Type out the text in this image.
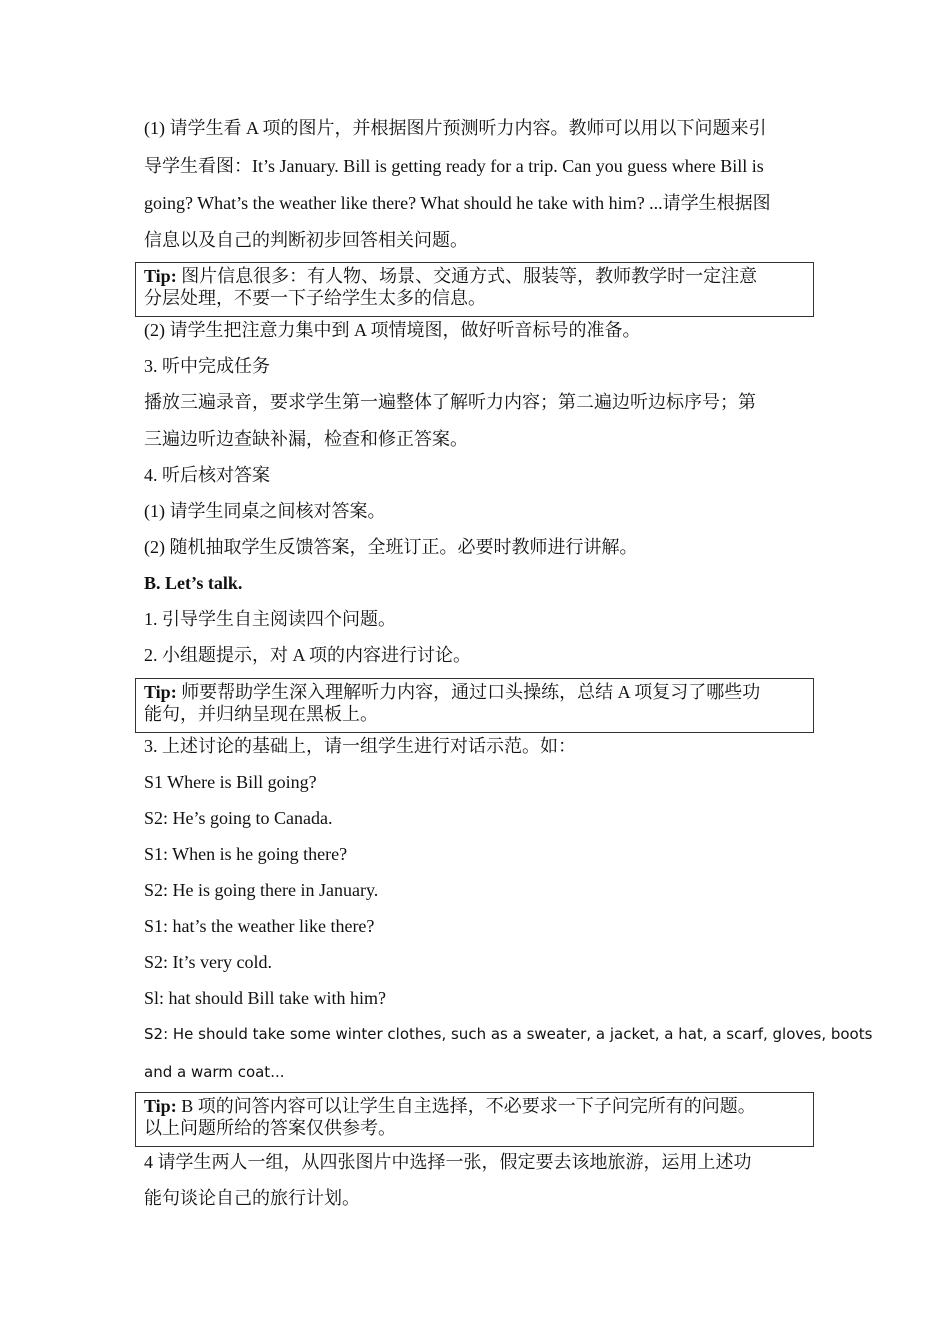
(1) 请学生看 A 项的图片，并根据图片预测听力内容。教师可以用以下问题来引
导学生看图：It’s January. Bill is getting ready for a trip. Can you guess where Bill is
going? What’s the weather like there? What should he take with him? ...请学生根据图
信息以及自己的判断初步回答相关问题。
Tip: 图片信息很多：有人物、场景、交通方式、服装等，教师教学时一定注意
分层处理，不要一下子给学生太多的信息。
(2) 请学生把注意力集中到 A 项情境图，做好听音标号的准备。
3. 听中完成任务
播放三遍录音，要求学生第一遍整体了解听力内容；第二遍边听边标序号；第
三遍边听边查缺补漏，检查和修正答案。
4. 听后核对答案
(1) 请学生同桌之间核对答案。
(2) 随机抽取学生反馈答案，全班订正。必要时教师进行讲解。
B. Let’s talk.
1. 引导学生自主阅读四个问题。
2. 小组题提示，对 A 项的内容进行讨论。
Tip: 师要帮助学生深入理解听力内容，通过口头操练，总结 A 项复习了哪些功
能句，并归纳呈现在黑板上。
3. 上述讨论的基础上，请一组学生进行对话示范。如：
S1 Where is Bill going?
S2: He’s going to Canada.
S1: When is he going there?
S2: He is going there in January.
S1: hat’s the weather like there?
S2: It’s very cold.
Sl: hat should Bill take with him?
S2: He should take some winter clothes, such as a sweater, a jacket, a hat, a scarf, gloves, boots
and a warm coat...
Tip: B 项的问答内容可以让学生自主选择，不必要求一下子问完所有的问题。
以上问题所给的答案仅供参考。
4 请学生两人一组，从四张图片中选择一张，假定要去该地旅游，运用上述功
能句谈论自己的旅行计划。
